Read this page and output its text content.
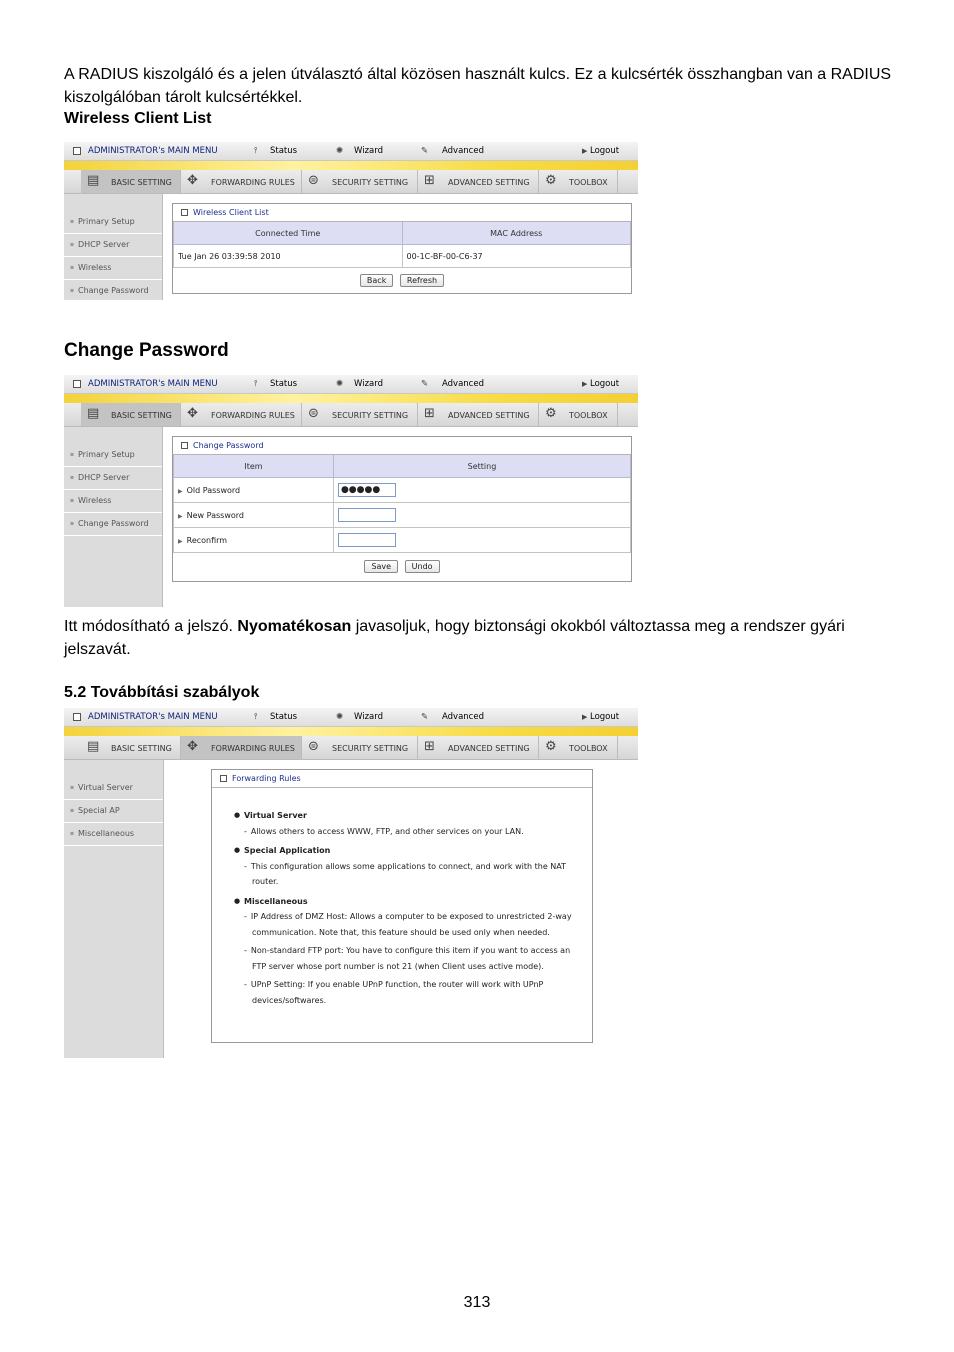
A RADIUS kiszolgáló és a jelen útválasztó által közösen használt kulcs. Ez a kulcsérték összhangban van a RADIUS kiszolgálóban tárolt kulcsértékkel.
Wireless Client List
ADMINISTRATOR's MAIN MENU	⫯ Status	✺ Wizard	✎ Advanced	▶ Logout
▤	BASIC SETTING ✥	FORWARDING RULES ⊜	SECURITY SETTING ⊞	ADVANCED SETTING ⚙	TOOLBOX
▪ Primary Setup
▪ DHCP Server
▪ Wireless
▪ Change Password
Wireless Client List
Connected Time	MAC Address
Tue Jan 26 03:39:58 2010	00-1C-BF-00-C6-37
Back	Refresh
Change Password
ADMINISTRATOR's MAIN MENU	⫯ Status	✺ Wizard	✎ Advanced	▶ Logout
▤	BASIC SETTING ✥	FORWARDING RULES ⊜	SECURITY SETTING ⊞	ADVANCED SETTING ⚙	TOOLBOX
▪ Primary Setup
▪ DHCP Server
▪ Wireless
▪ Change Password
Change Password
Item	Setting
▶ Old Password	●●●●●
▶ New Password	
▶ Reconfirm	
Save	Undo
Itt módosítható a jelszó. Nyomatékosan javasoljuk, hogy biztonsági okokból változtassa meg a rendszer gyári jelszavát.
5.2 Továbbítási szabályok
ADMINISTRATOR's MAIN MENU	⫯ Status	✺ Wizard	✎ Advanced	▶ Logout
▤	BASIC SETTING ✥	FORWARDING RULES ⊜	SECURITY SETTING ⊞	ADVANCED SETTING ⚙	TOOLBOX
▪ Virtual Server
▪ Special AP
▪ Miscellaneous
Forwarding Rules
● Virtual Server
- Allows others to access WWW, FTP, and other services on your LAN.
● Special Application
- This configuration allows some applications to connect, and work with the NAT router.
● Miscellaneous
- IP Address of DMZ Host: Allows a computer to be exposed to unrestricted 2-way communication. Note that, this feature should be used only when needed.
- Non-standard FTP port: You have to configure this item if you want to access an FTP server whose port number is not 21 (when Client uses active mode).
- UPnP Setting: If you enable UPnP function, the router will work with UPnP devices/softwares.
313
